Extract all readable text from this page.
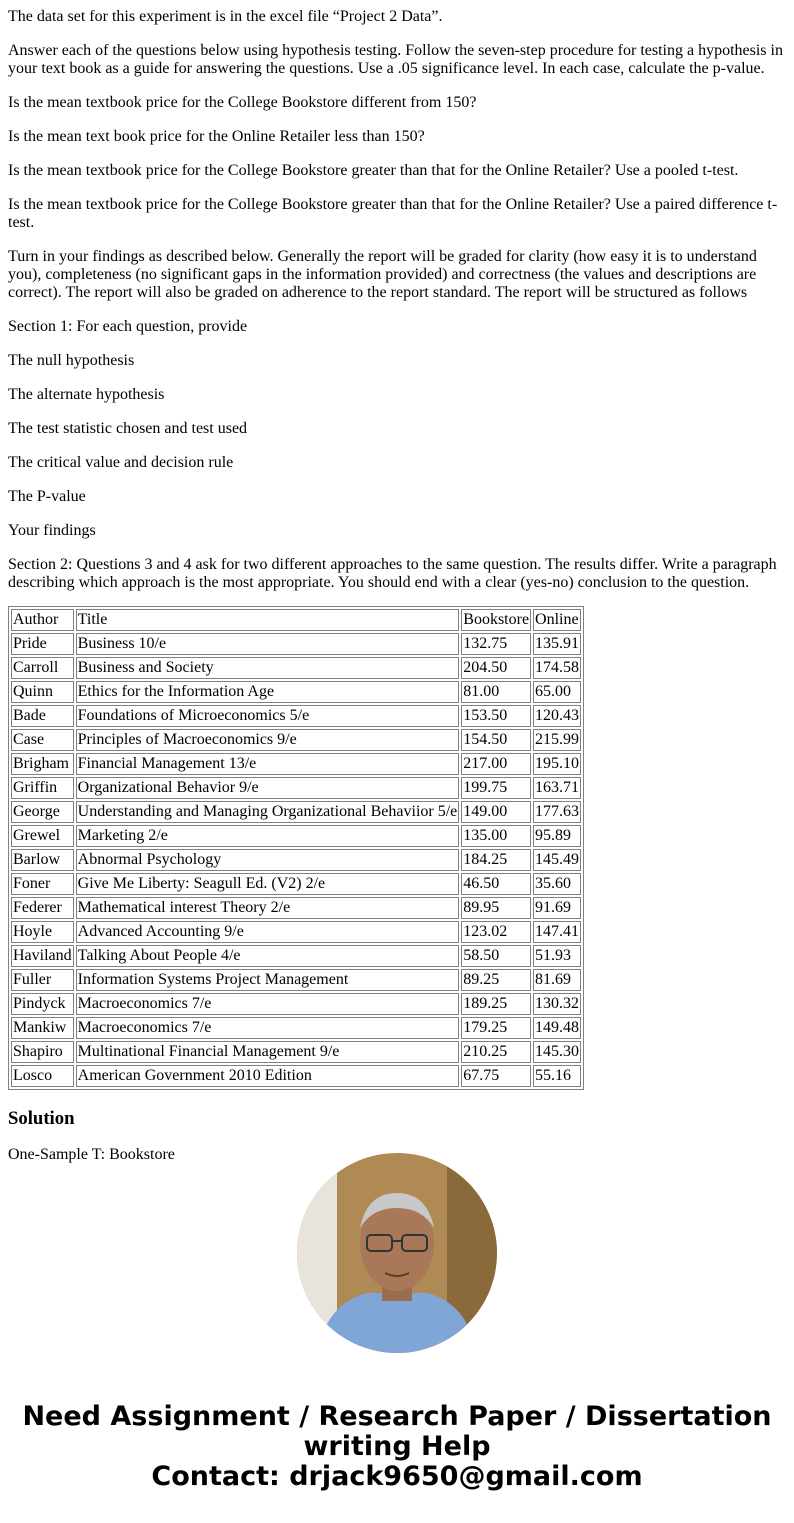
The data set for this experiment is in the excel file “Project 2 Data”.

Answer each of the questions below using hypothesis testing. Follow the seven-step procedure for testing a hypothesis in your text book as a guide for answering the questions. Use a .05 significance level. In each case, calculate the p-value.

Is the mean textbook price for the College Bookstore different from 150?

Is the mean text book price for the Online Retailer less than 150?

Is the mean textbook price for the College Bookstore greater than that for the Online Retailer? Use a pooled t-test.

Is the mean textbook price for the College Bookstore greater than that for the Online Retailer? Use a paired difference t-test.

Turn in your findings as described below. Generally the report will be graded for clarity (how easy it is to understand you), completeness (no significant gaps in the information provided) and correctness (the values and descriptions are correct). The report will also be graded on adherence to the report standard. The report will be structured as follows

Section 1: For each question, provide

The null hypothesis

The alternate hypothesis

The test statistic chosen and test used

The critical value and decision rule

The P-value

Your findings

Section 2: Questions 3 and 4 ask for two different approaches to the same question. The results differ. Write a paragraph describing which approach is the most appropriate. You should end with a clear (yes-no) conclusion to the question.

Author	Title	Bookstore	Online
Pride	Business 10/e	132.75	135.91
Carroll	Business and Society	204.50	174.58
Quinn	Ethics for the Information Age	81.00	65.00
Bade	Foundations of Microeconomics 5/e	153.50	120.43
Case	Principles of Macroeconomics 9/e	154.50	215.99
Brigham	Financial Management 13/e	217.00	195.10
Griffin	Organizational Behavior 9/e	199.75	163.71
George	Understanding and Managing Organizational Behaviior 5/e	149.00	177.63
Grewel	Marketing 2/e	135.00	95.89
Barlow	Abnormal Psychology	184.25	145.49
Foner	Give Me Liberty: Seagull Ed. (V2) 2/e	46.50	35.60
Federer	Mathematical interest Theory 2/e	89.95	91.69
Hoyle	Advanced Accounting 9/e	123.02	147.41
Haviland	Talking About People 4/e	58.50	51.93
Fuller	Information Systems Project Management	89.25	81.69
Pindyck	Macroeconomics 7/e	189.25	130.32
Mankiw	Macroeconomics 7/e	179.25	149.48
Shapiro	Multinational Financial Management 9/e	210.25	145.30
Losco	American Government 2010 Edition	67.75	55.16
Solution

One-Sample T: Bookstore

Need Assignment / Research Paper / Dissertation writing Help
Contact: drjack9650@gmail.com
